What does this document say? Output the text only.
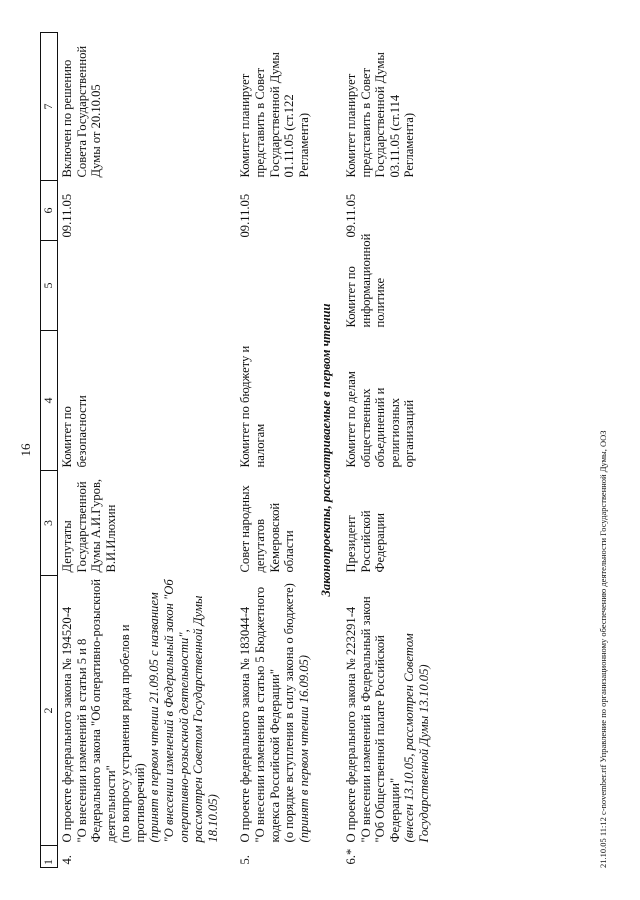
16
1	2	3	4	5	6	7
4.	О проекте федерального закона № 194520-4 "О внесении изменений в статьи 5 и 8 Федерального закона "Об оперативно-розыскной деятельности" (по вопросу устранения ряда пробелов и противоречий) (принят в первом чтении 21.09.05 с названием "О внесении изменений в Федеральный закон "Об оперативно-розыскной деятельности", рассмотрен Советом Государственной Думы 18.10.05)	Депутаты Государственной Думы А.И.Гуров, В.И.Илюхин	Комитет по безопасности		09.11.05	Включен по решению Совета Государственной Думы от 20.10.05

5.	О проекте федерального закона № 183044-4 "О внесении изменения в статью 5 Бюджетного кодекса Российской Федерации" (о порядке вступления в силу закона о бюджете) (принят в первом чтении 16.09.05)	Совет народных депутатов Кемеровской области	Комитет по бюджету и налогам		09.11.05	Комитет планирует представить в Совет Государственной Думы 01.11.05 (ст.122 Регламента)
Законопроекты, рассматриваемые в первом чтении						
6.*	О проекте федерального закона № 223291-4 "О внесении изменений в Федеральный закон "Об Общественной палате Российской Федерации" (внесен 13.10.05, рассмотрен Советом Государственной Думы 13.10.05)	Президент Российской Федерации	Комитет по делам общественных объединений и религиозных организаций	Комитет по информационной политике	09.11.05	Комитет планирует представить в Совет Государственной Думы 03.11.05 (ст.114 Регламента)
21.10.05 11:12 c-november.rtf Управление по организационному обеспечению деятельности Государственной Думы, ООЗ
